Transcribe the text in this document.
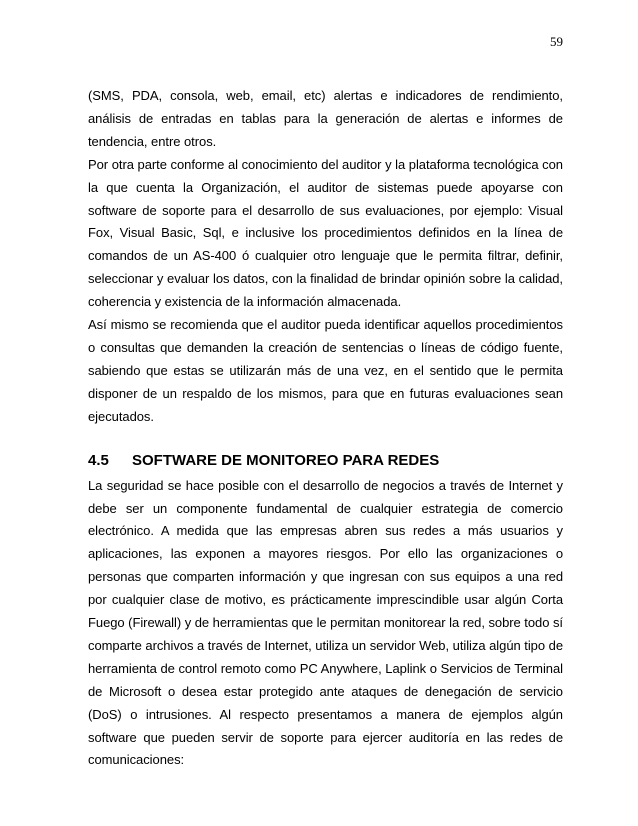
59

(SMS, PDA, consola, web, email, etc) alertas e indicadores de rendimiento, análisis de entradas en tablas para la generación de alertas e informes de tendencia, entre otros.

Por otra parte conforme al conocimiento del auditor y la plataforma tecnológica con la que cuenta la Organización, el auditor de sistemas puede apoyarse con software de soporte para el desarrollo de sus evaluaciones, por ejemplo: Visual Fox, Visual Basic, Sql, e inclusive los procedimientos definidos en la línea de comandos de un AS-400 ó cualquier otro lenguaje que le permita filtrar, definir, seleccionar y evaluar los datos, con la finalidad de brindar opinión sobre la calidad, coherencia y existencia de la información almacenada.

Así mismo se recomienda que el auditor pueda identificar aquellos procedimientos o consultas que demanden la creación de sentencias o líneas de código fuente, sabiendo que estas se utilizarán más de una vez, en el sentido que le permita disponer de un respaldo de los mismos, para que en futuras evaluaciones sean ejecutados.

4.5	SOFTWARE DE MONITOREO PARA REDES

La seguridad se hace posible con el desarrollo de negocios a través de Internet y debe ser un componente fundamental de cualquier estrategia de comercio electrónico. A medida que las empresas abren sus redes a más usuarios y aplicaciones, las exponen a mayores riesgos. Por ello las organizaciones o personas que comparten información y que ingresan con sus equipos a una red por cualquier clase de motivo, es prácticamente imprescindible usar algún Corta Fuego (Firewall) y de herramientas que le permitan monitorear la red, sobre todo sí comparte archivos a través de Internet, utiliza un servidor Web, utiliza algún tipo de herramienta de control remoto como PC Anywhere, Laplink o Servicios de Terminal de Microsoft o desea estar protegido ante ataques de denegación de servicio (DoS) o intrusiones. Al respecto presentamos a manera de ejemplos algún software que pueden servir de soporte para ejercer auditoría en las redes de comunicaciones:
